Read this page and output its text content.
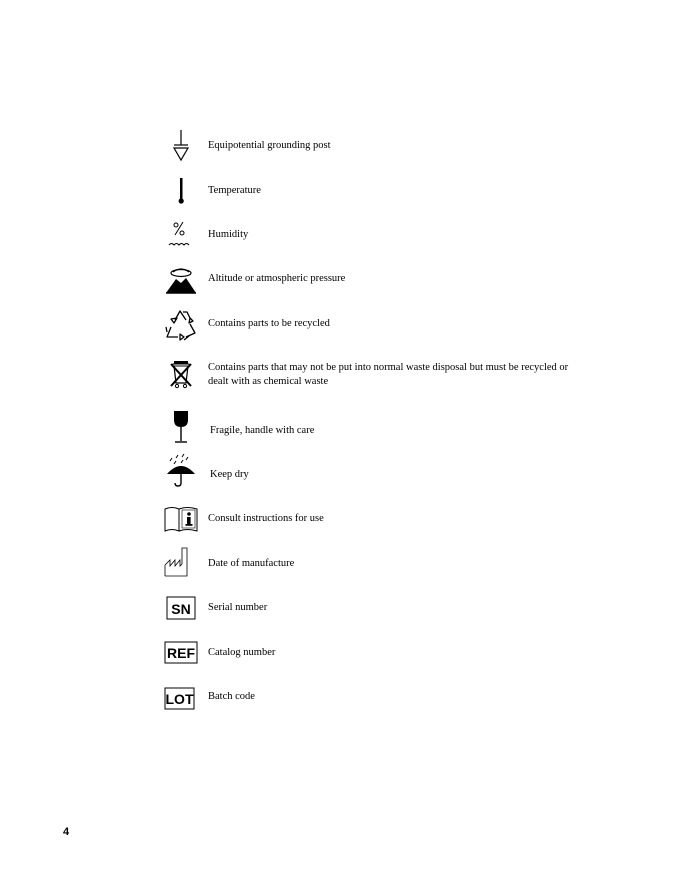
Equipotential grounding post
Temperature
Humidity
Altitude or atmospheric pressure
Contains parts to be recycled
Contains parts that may not be put into normal waste disposal but must be recycled or dealt with as chemical waste
Fragile, handle with care
Keep dry
Consult instructions for use
Date of manufacture
SN Serial number
REF Catalog number
LOT Batch code
4
